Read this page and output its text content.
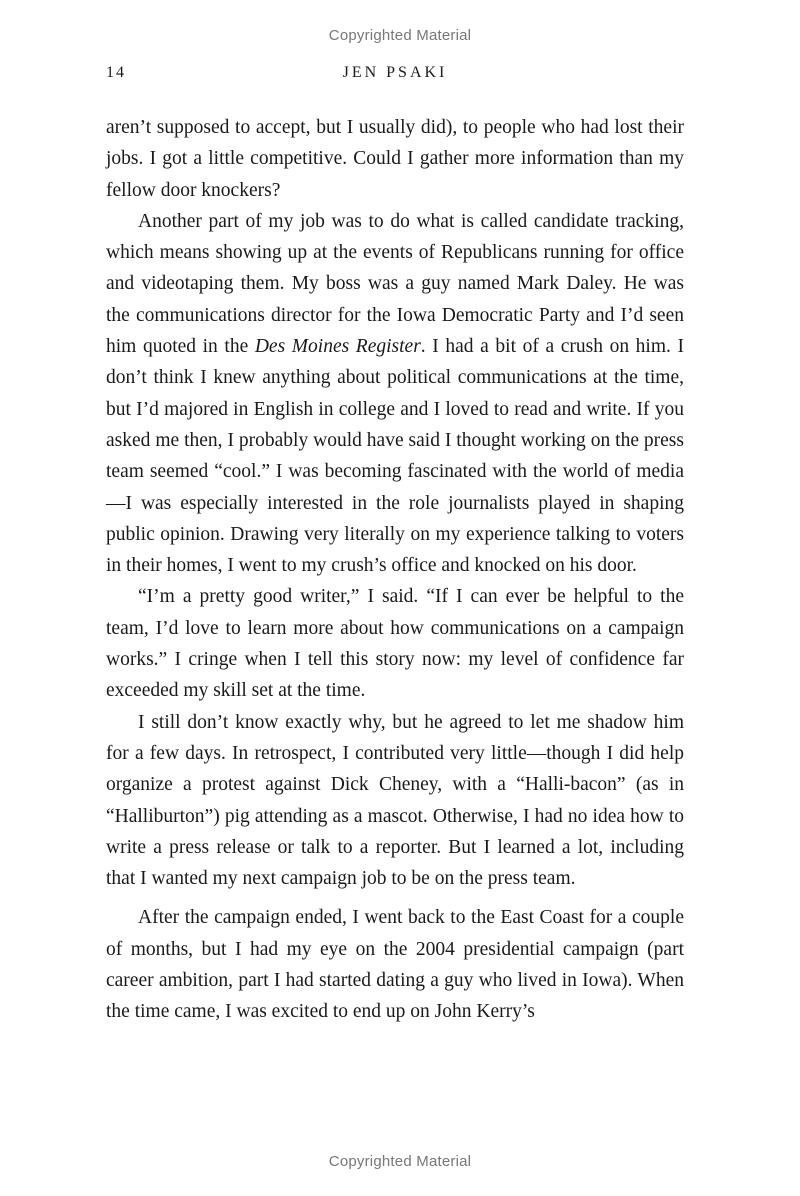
Copyrighted Material
14	JEN PSAKI

aren’t supposed to accept, but I usually did), to people who had lost their jobs. I got a little competitive. Could I gather more information than my fellow door knockers?

Another part of my job was to do what is called candidate tracking, which means showing up at the events of Republicans running for office and videotaping them. My boss was a guy named Mark Daley. He was the communications director for the Iowa Democratic Party and I’d seen him quoted in the Des Moines Register. I had a bit of a crush on him. I don’t think I knew anything about political communications at the time, but I’d majored in English in college and I loved to read and write. If you asked me then, I probably would have said I thought working on the press team seemed “cool.” I was becoming fascinated with the world of media—I was especially interested in the role journalists played in shaping public opinion. Drawing very literally on my experience talking to voters in their homes, I went to my crush’s office and knocked on his door.

“I’m a pretty good writer,” I said. “If I can ever be helpful to the team, I’d love to learn more about how communications on a campaign works.” I cringe when I tell this story now: my level of confidence far exceeded my skill set at the time.

I still don’t know exactly why, but he agreed to let me shadow him for a few days. In retrospect, I contributed very little—though I did help organize a protest against Dick Cheney, with a “Halli-bacon” (as in “Halliburton”) pig attending as a mascot. Otherwise, I had no idea how to write a press release or talk to a reporter. But I learned a lot, including that I wanted my next campaign job to be on the press team.

After the campaign ended, I went back to the East Coast for a couple of months, but I had my eye on the 2004 presidential campaign (part career ambition, part I had started dating a guy who lived in Iowa). When the time came, I was excited to end up on John Kerry’s

Copyrighted Material
